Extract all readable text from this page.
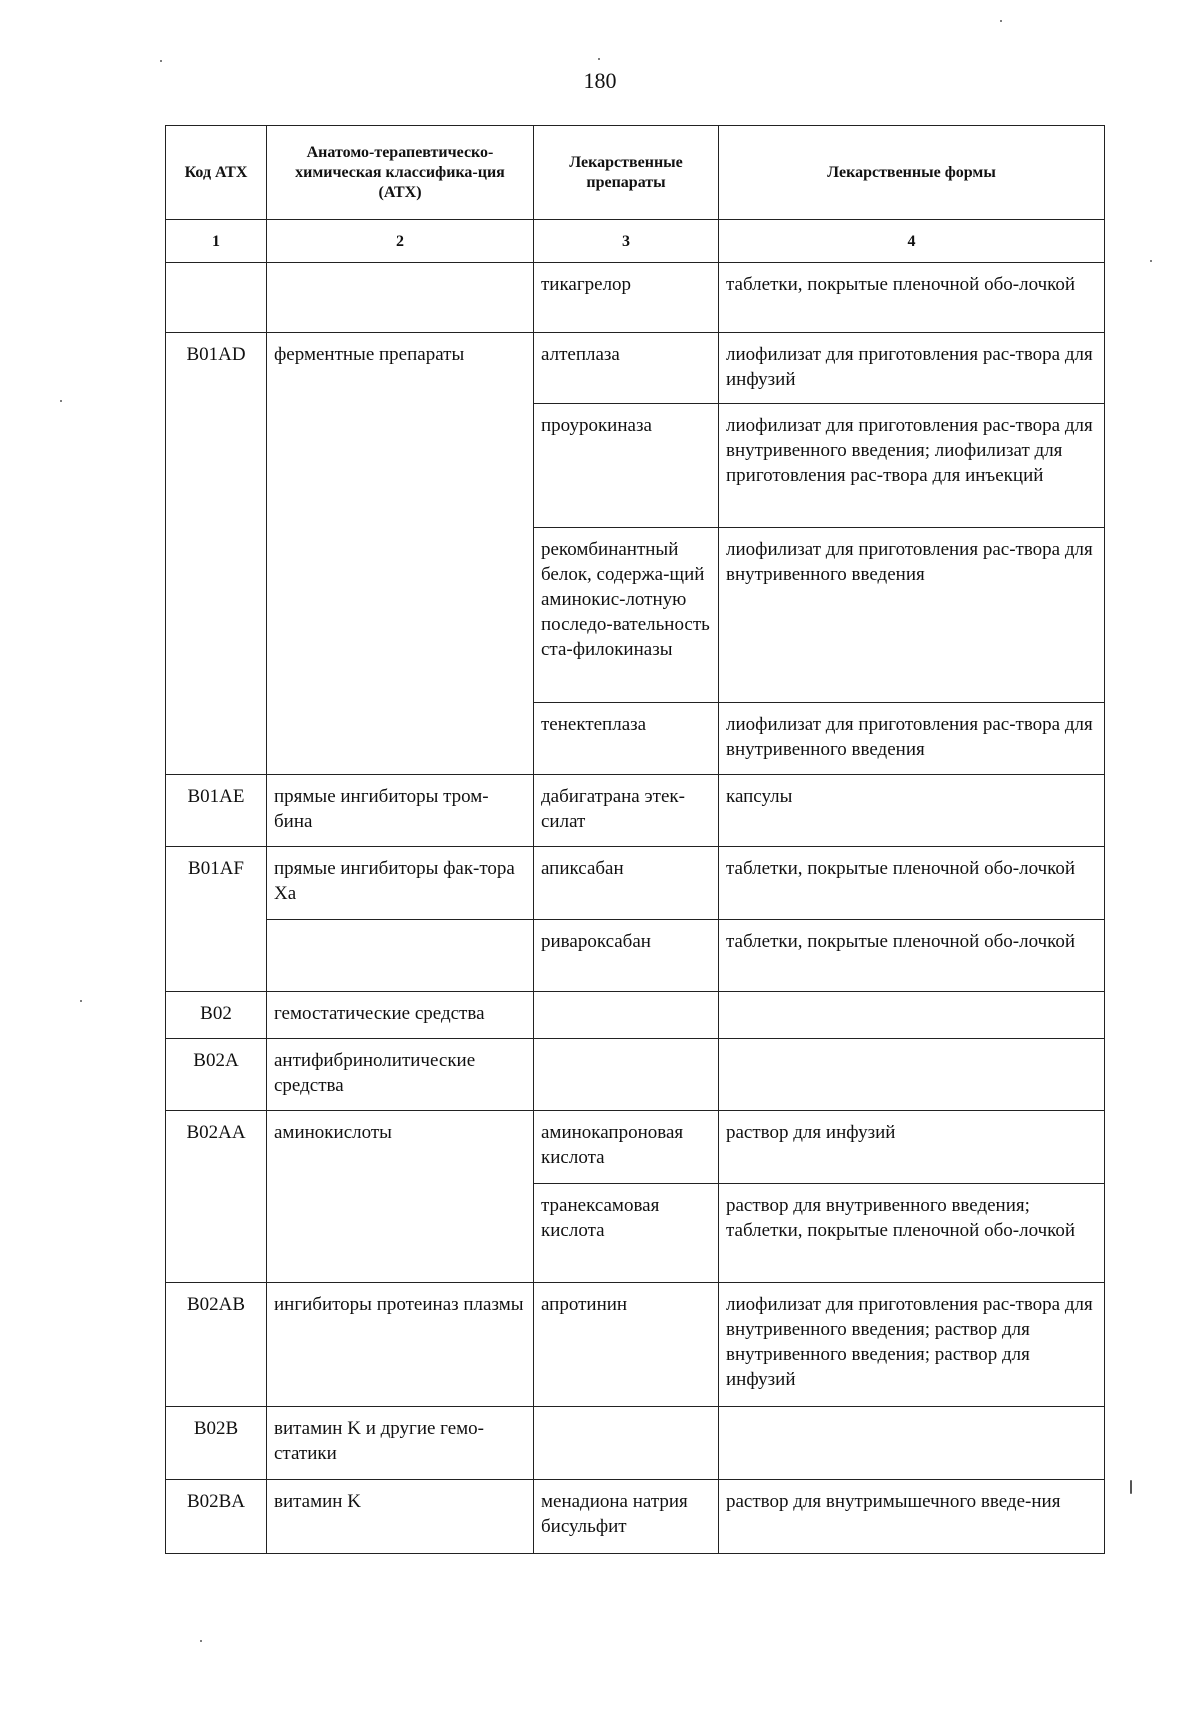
180
Код АТХ	Анатомо-терапевтическо-химическая классифика-ция (АТХ)	Лекарственные препараты	Лекарственные формы
1	2	3	4
		тикагрелор	таблетки, покрытые пленочной обо-лочкой
B01AD	ферментные препараты	алтеплаза	лиофилизат для приготовления рас-твора для инфузий
		проурокиназа	лиофилизат для приготовления рас-твора для внутривенного введения; лиофилизат для приготовления рас-твора для инъекций
		рекомбинантный белок, содержа-щий аминокис-лотную последо-вательность ста-филокиназы	лиофилизат для приготовления рас-твора для внутривенного введения
		тенектеплаза	лиофилизат для приготовления рас-твора для внутривенного введения
B01AE	прямые ингибиторы тром-бина	дабигатрана этек-силат	капсулы
B01AF	прямые ингибиторы фак-тора Xa	апиксабан	таблетки, покрытые пленочной обо-лочкой
		ривароксабан	таблетки, покрытые пленочной обо-лочкой
B02	гемостатические средства		
B02A	антифибринолитические средства		
B02AA	аминокислоты	аминокапроновая кислота	раствор для инфузий
		транексамовая кислота	раствор для внутривенного введения; таблетки, покрытые пленочной обо-лочкой
B02AB	ингибиторы протеиназ плазмы	апротинин	лиофилизат для приготовления рас-твора для внутривенного введения; раствор для внутривенного введения; раствор для инфузий
B02B	витамин K и другие гемо-статики		
B02BA	витамин K	менадиона натрия бисульфит	раствор для внутримышечного введе-ния
